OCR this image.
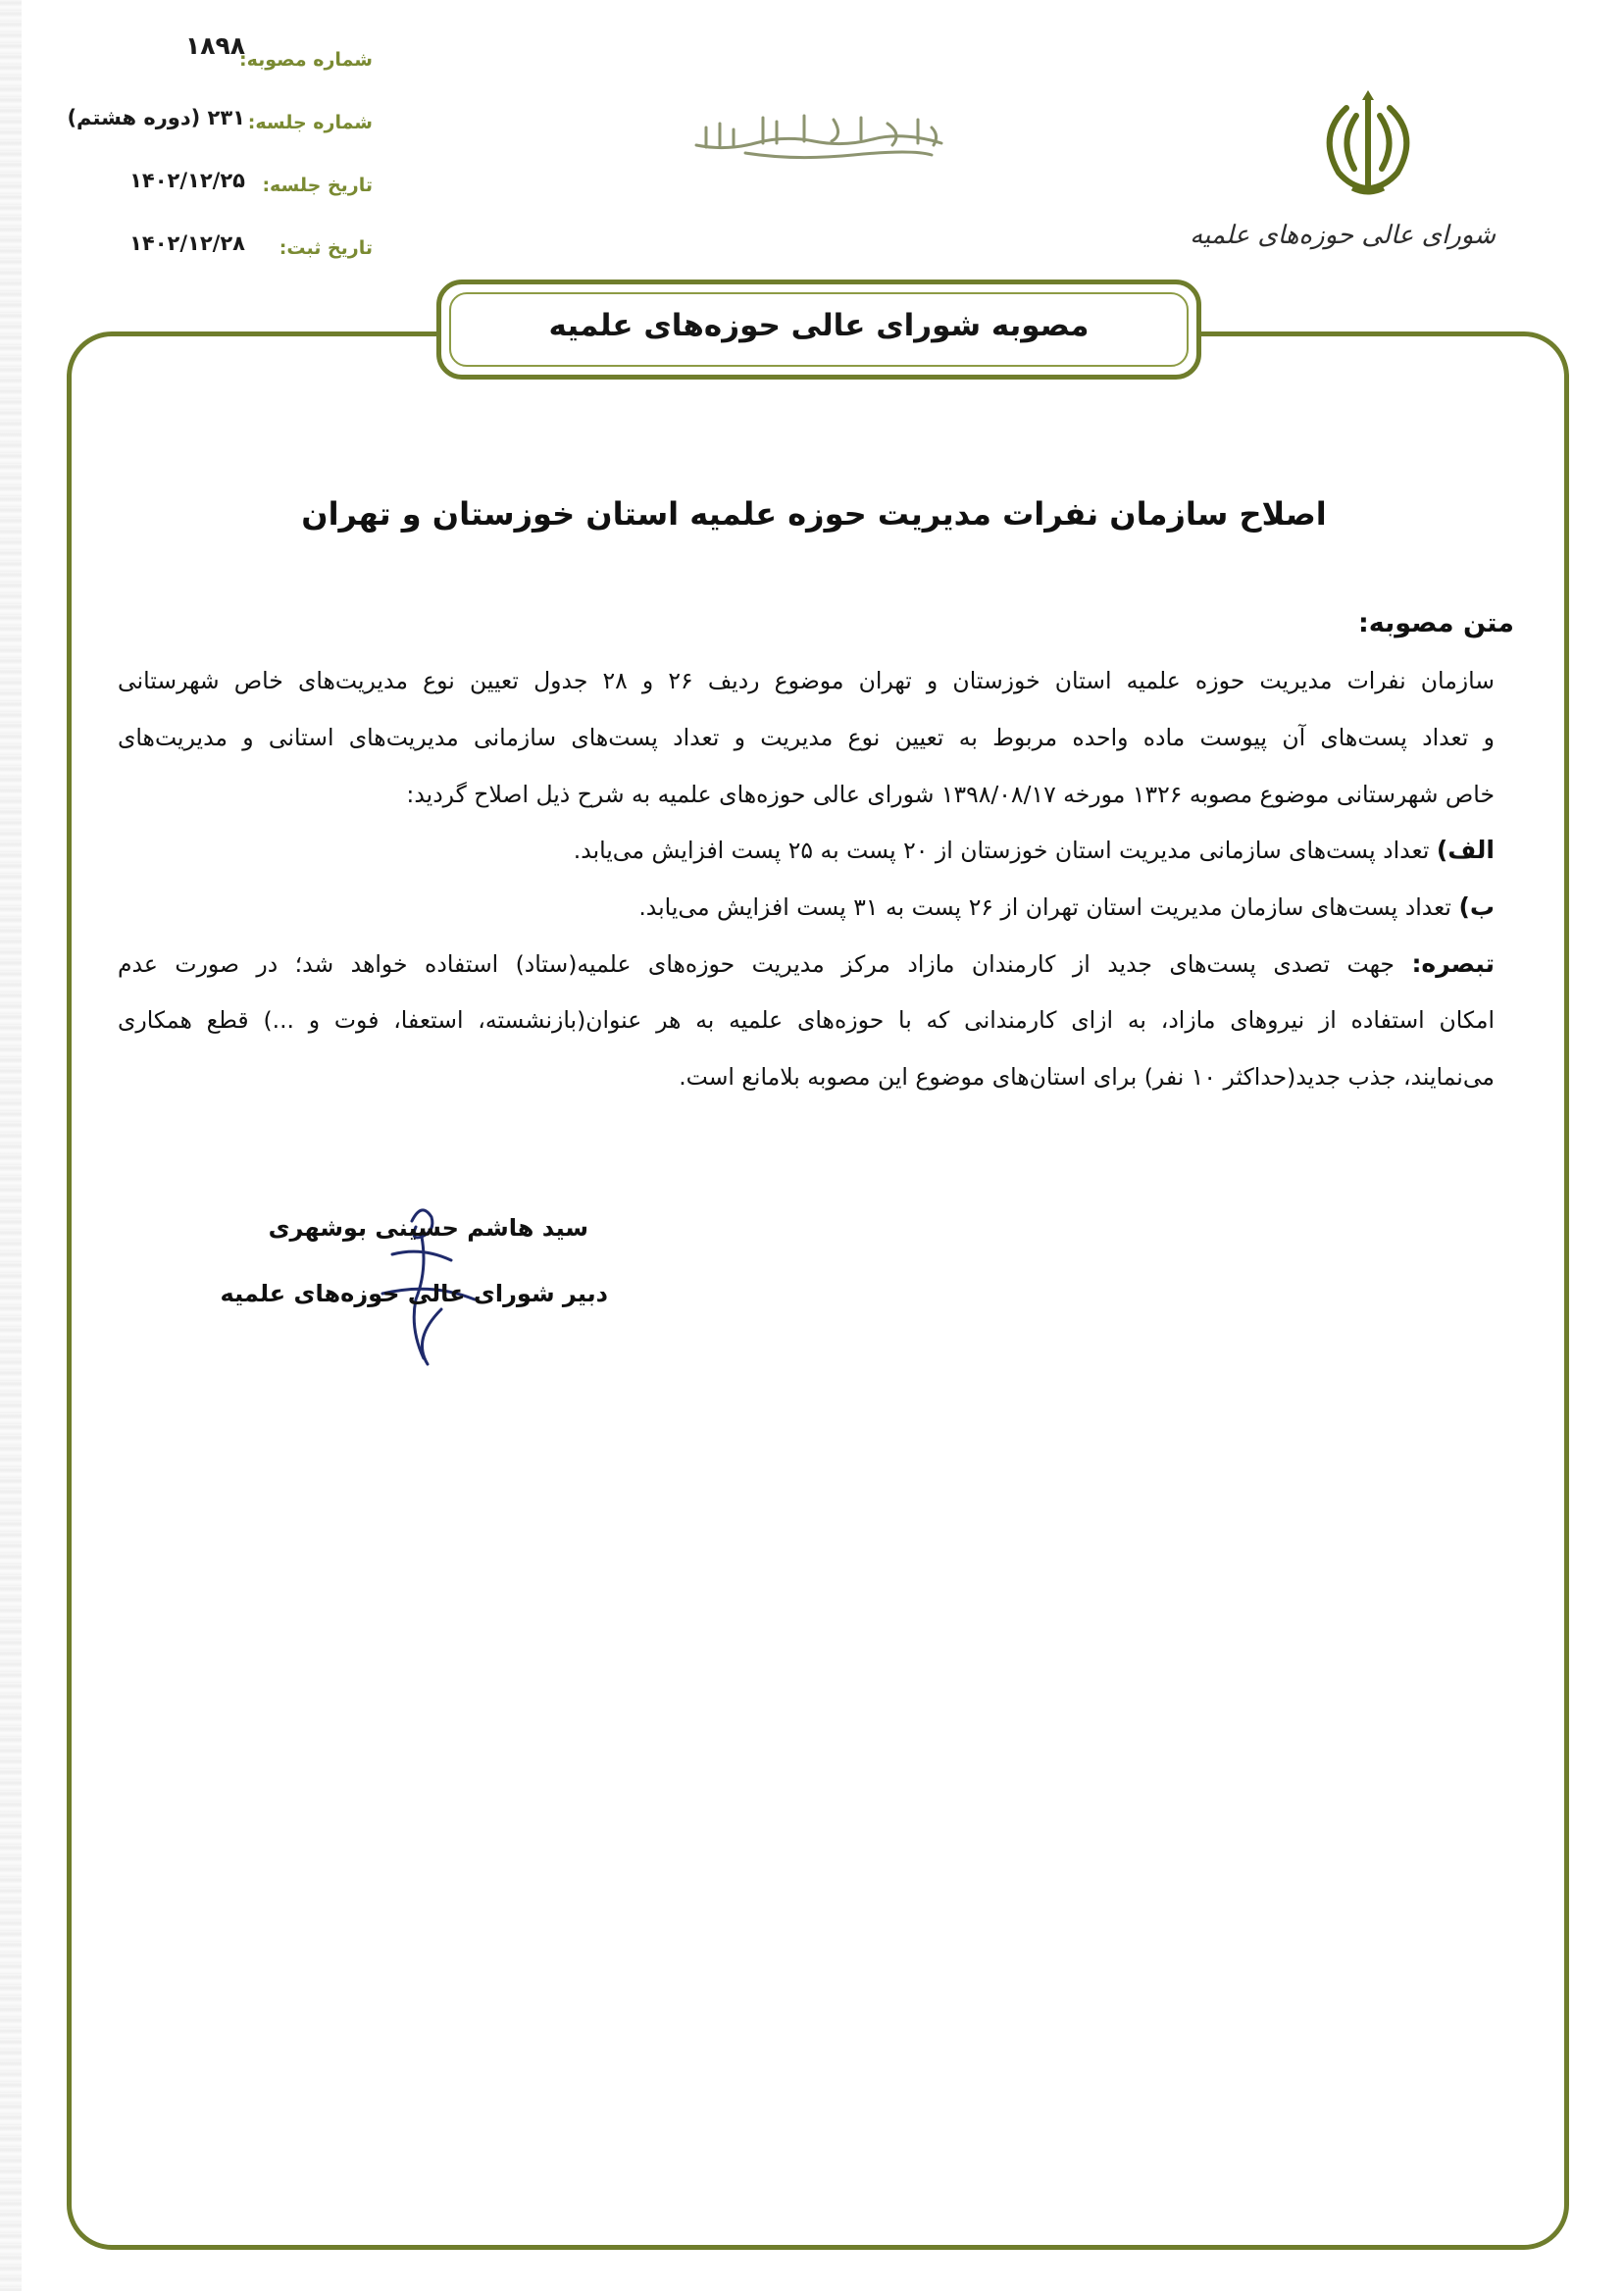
شماره مصوبه:
۱۸۹۸
شماره جلسه:
۲۳۱ (دوره هشتم)
تاریخ جلسه:
۱۴۰۲/۱۲/۲۵
تاریخ ثبت:
۱۴۰۲/۱۲/۲۸	شورای عالی حوزه‌های علمیه
مصوبه شورای عالی حوزه‌های علمیه
اصلاح سازمان نفرات مدیریت حوزه علمیه استان خوزستان و تهران
متن مصوبه:
سازمان نفرات مدیریت حوزه علمیه استان خوزستان و تهران موضوع ردیف ۲۶ و ۲۸ جدول تعیین نوع مدیریت‌های خاص شهرستانی
و تعداد پست‌های آن پیوست ماده واحده مربوط به تعیین نوع مدیریت و تعداد پست‌های سازمانی مدیریت‌های استانی و مدیریت‌های
خاص شهرستانی موضوع مصوبه ۱۳۲۶ مورخه ۱۳۹۸/۰۸/۱۷ شورای عالی حوزه‌های علمیه به شرح ذیل اصلاح گردید:
الف) تعداد پست‌های سازمانی مدیریت استان خوزستان از ۲۰ پست به ۲۵ پست افزایش می‌یابد.
ب) تعداد پست‌های سازمان مدیریت استان تهران از ۲۶ پست به ۳۱ پست افزایش می‌یابد.
تبصره: جهت تصدی پست‌های جدید از کارمندان مازاد مرکز مدیریت حوزه‌های علمیه(ستاد) استفاده خواهد شد؛ در صورت عدم
امکان استفاده از نیروهای مازاد، به ازای کارمندانی که با حوزه‌های علمیه به هر عنوان(بازنشسته، استعفا، فوت و ...) قطع همکاری
می‌نمایند، جذب جدید(حداکثر ۱۰ نفر) برای استان‌های موضوع این مصوبه بلامانع است.
سید هاشم حسینی بوشهری
دبیر شورای عالی حوزه‌های علمیه
